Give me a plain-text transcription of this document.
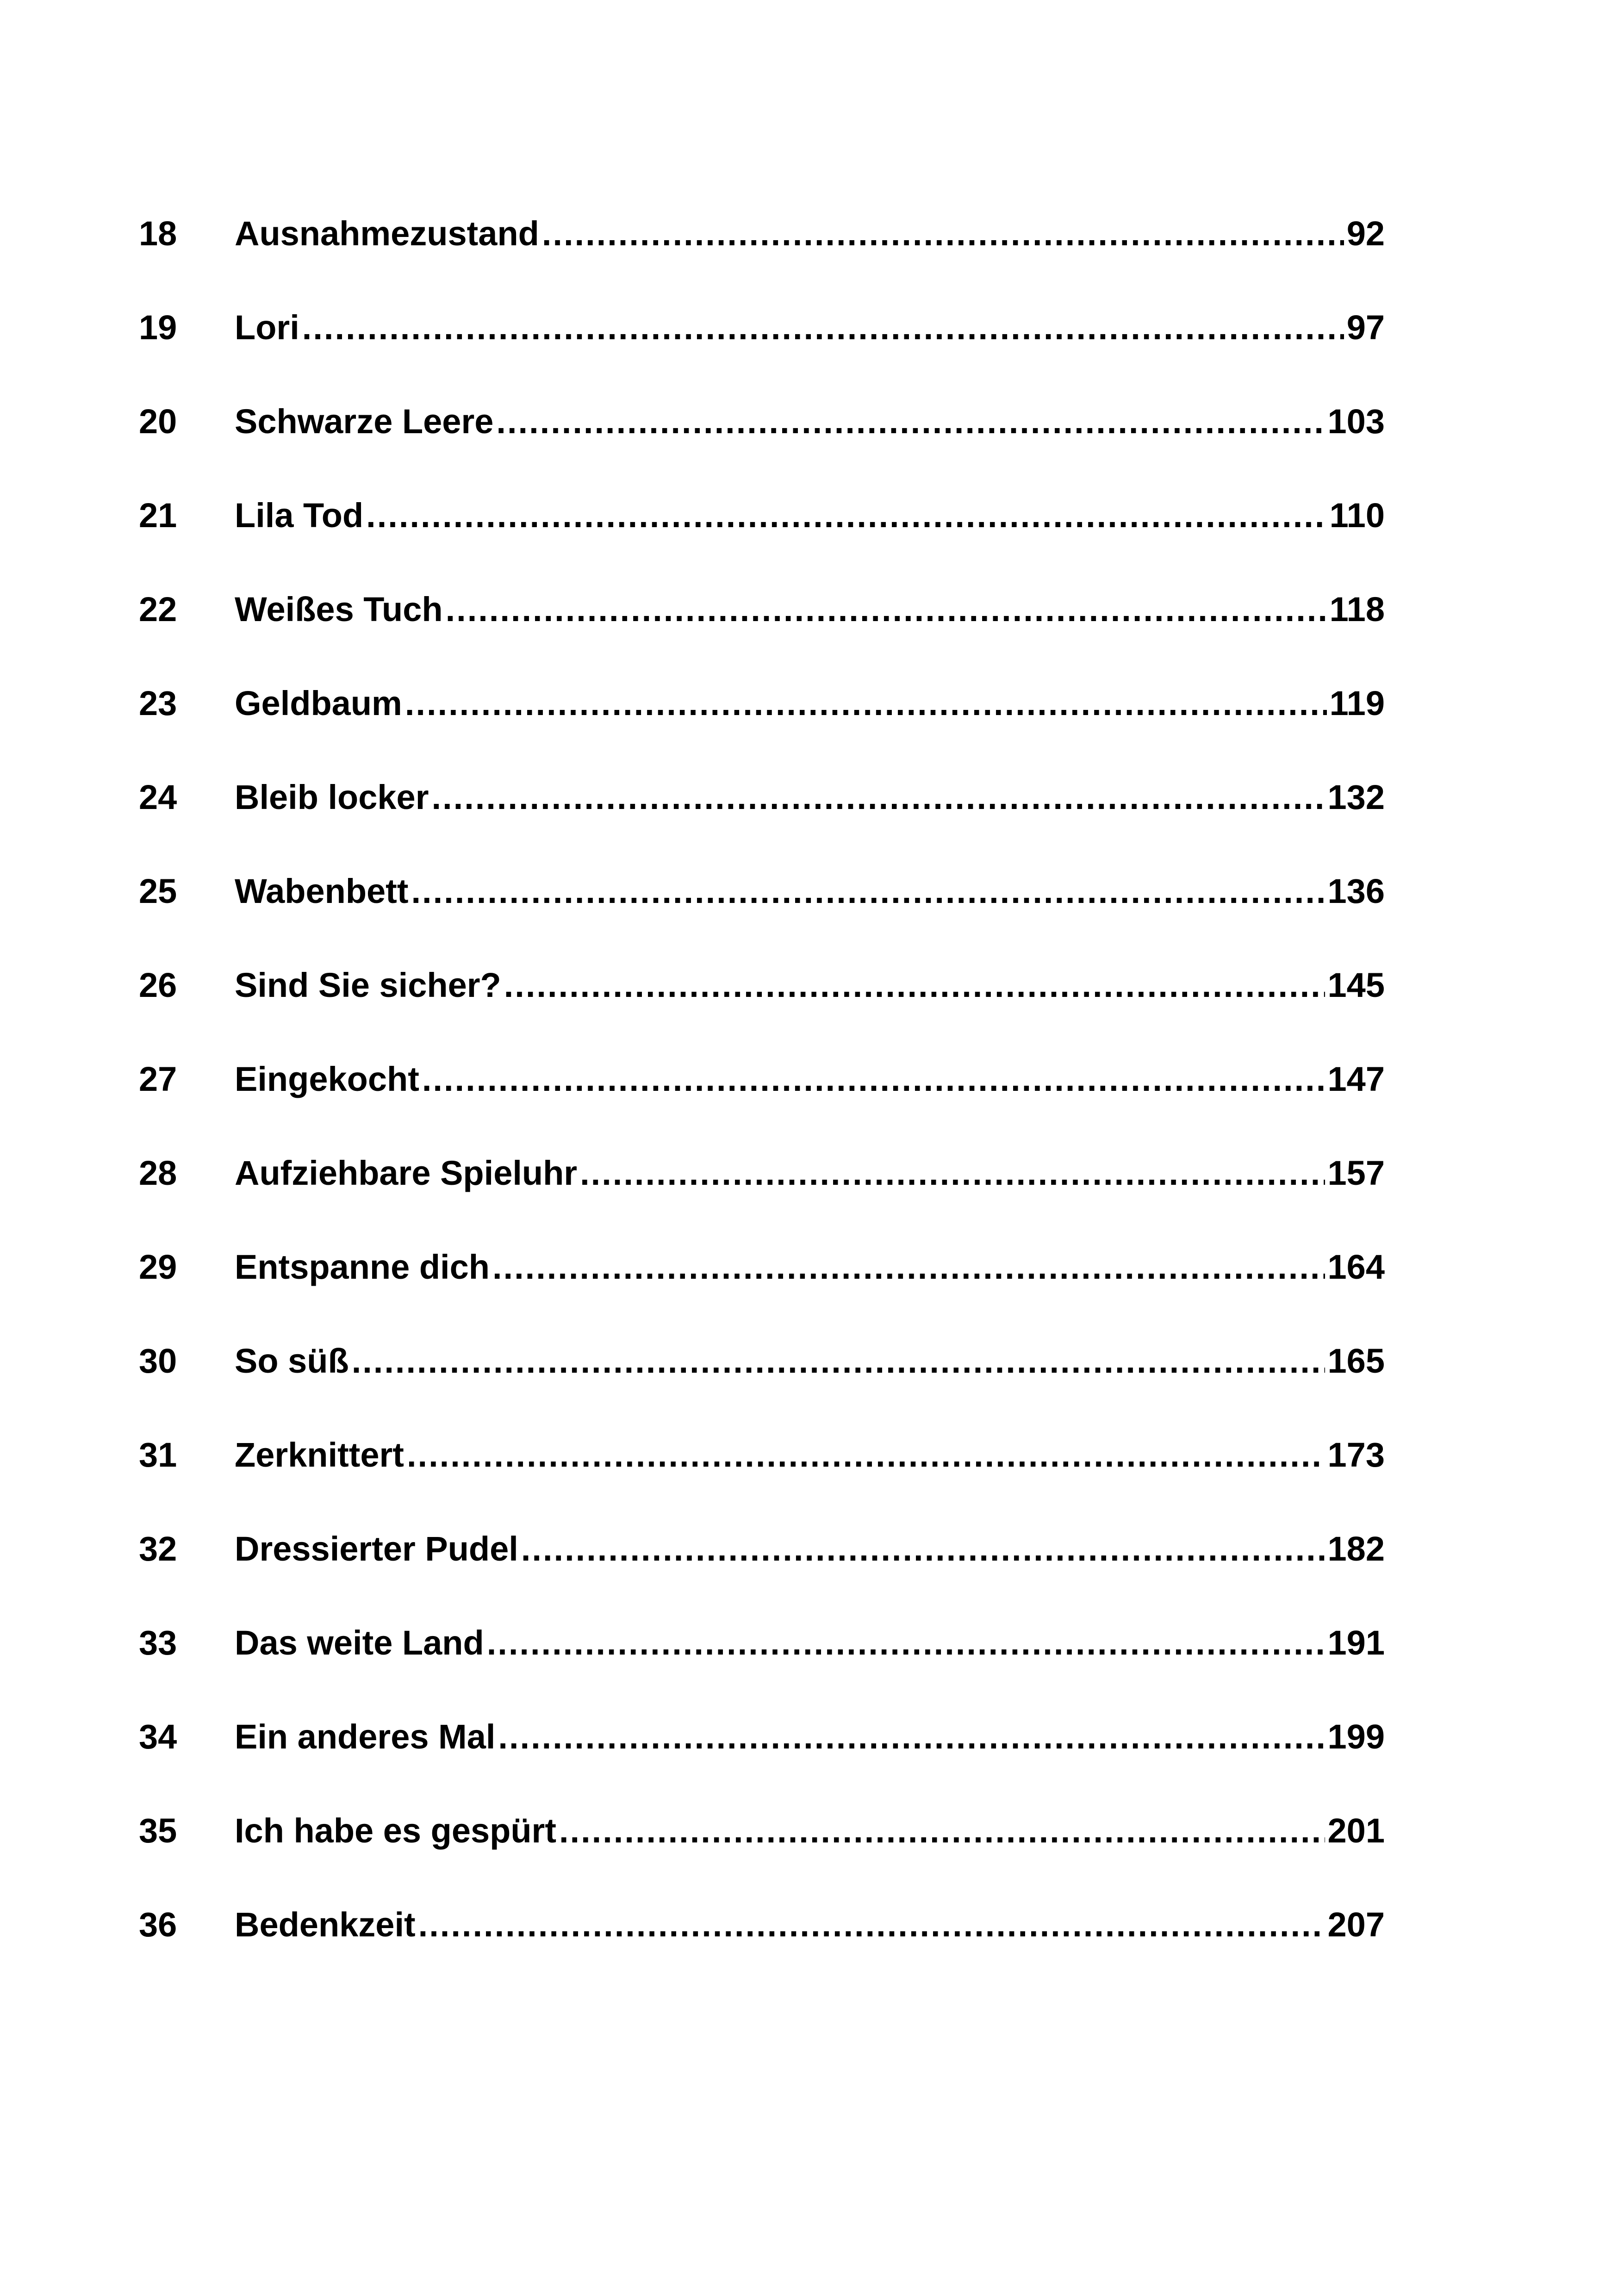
18	Ausnahmezustand .....	92
19	Lori .....	97
20	Schwarze Leere .....	103
21	Lila Tod .....	110
22	Weißes Tuch .....	118
23	Geldbaum .....	119
24	Bleib locker .....	132
25	Wabenbett .....	136
26	Sind Sie sicher? .....	145
27	Eingekocht .....	147
28	Aufziehbare Spieluhr .....	157
29	Entspanne dich .....	164
30	So süß .....	165
31	Zerknittert .....	173
32	Dressierter Pudel .....	182
33	Das weite Land .....	191
34	Ein anderes Mal .....	199
35	Ich habe es gespürt .....	201
36	Bedenkzeit .....	207
